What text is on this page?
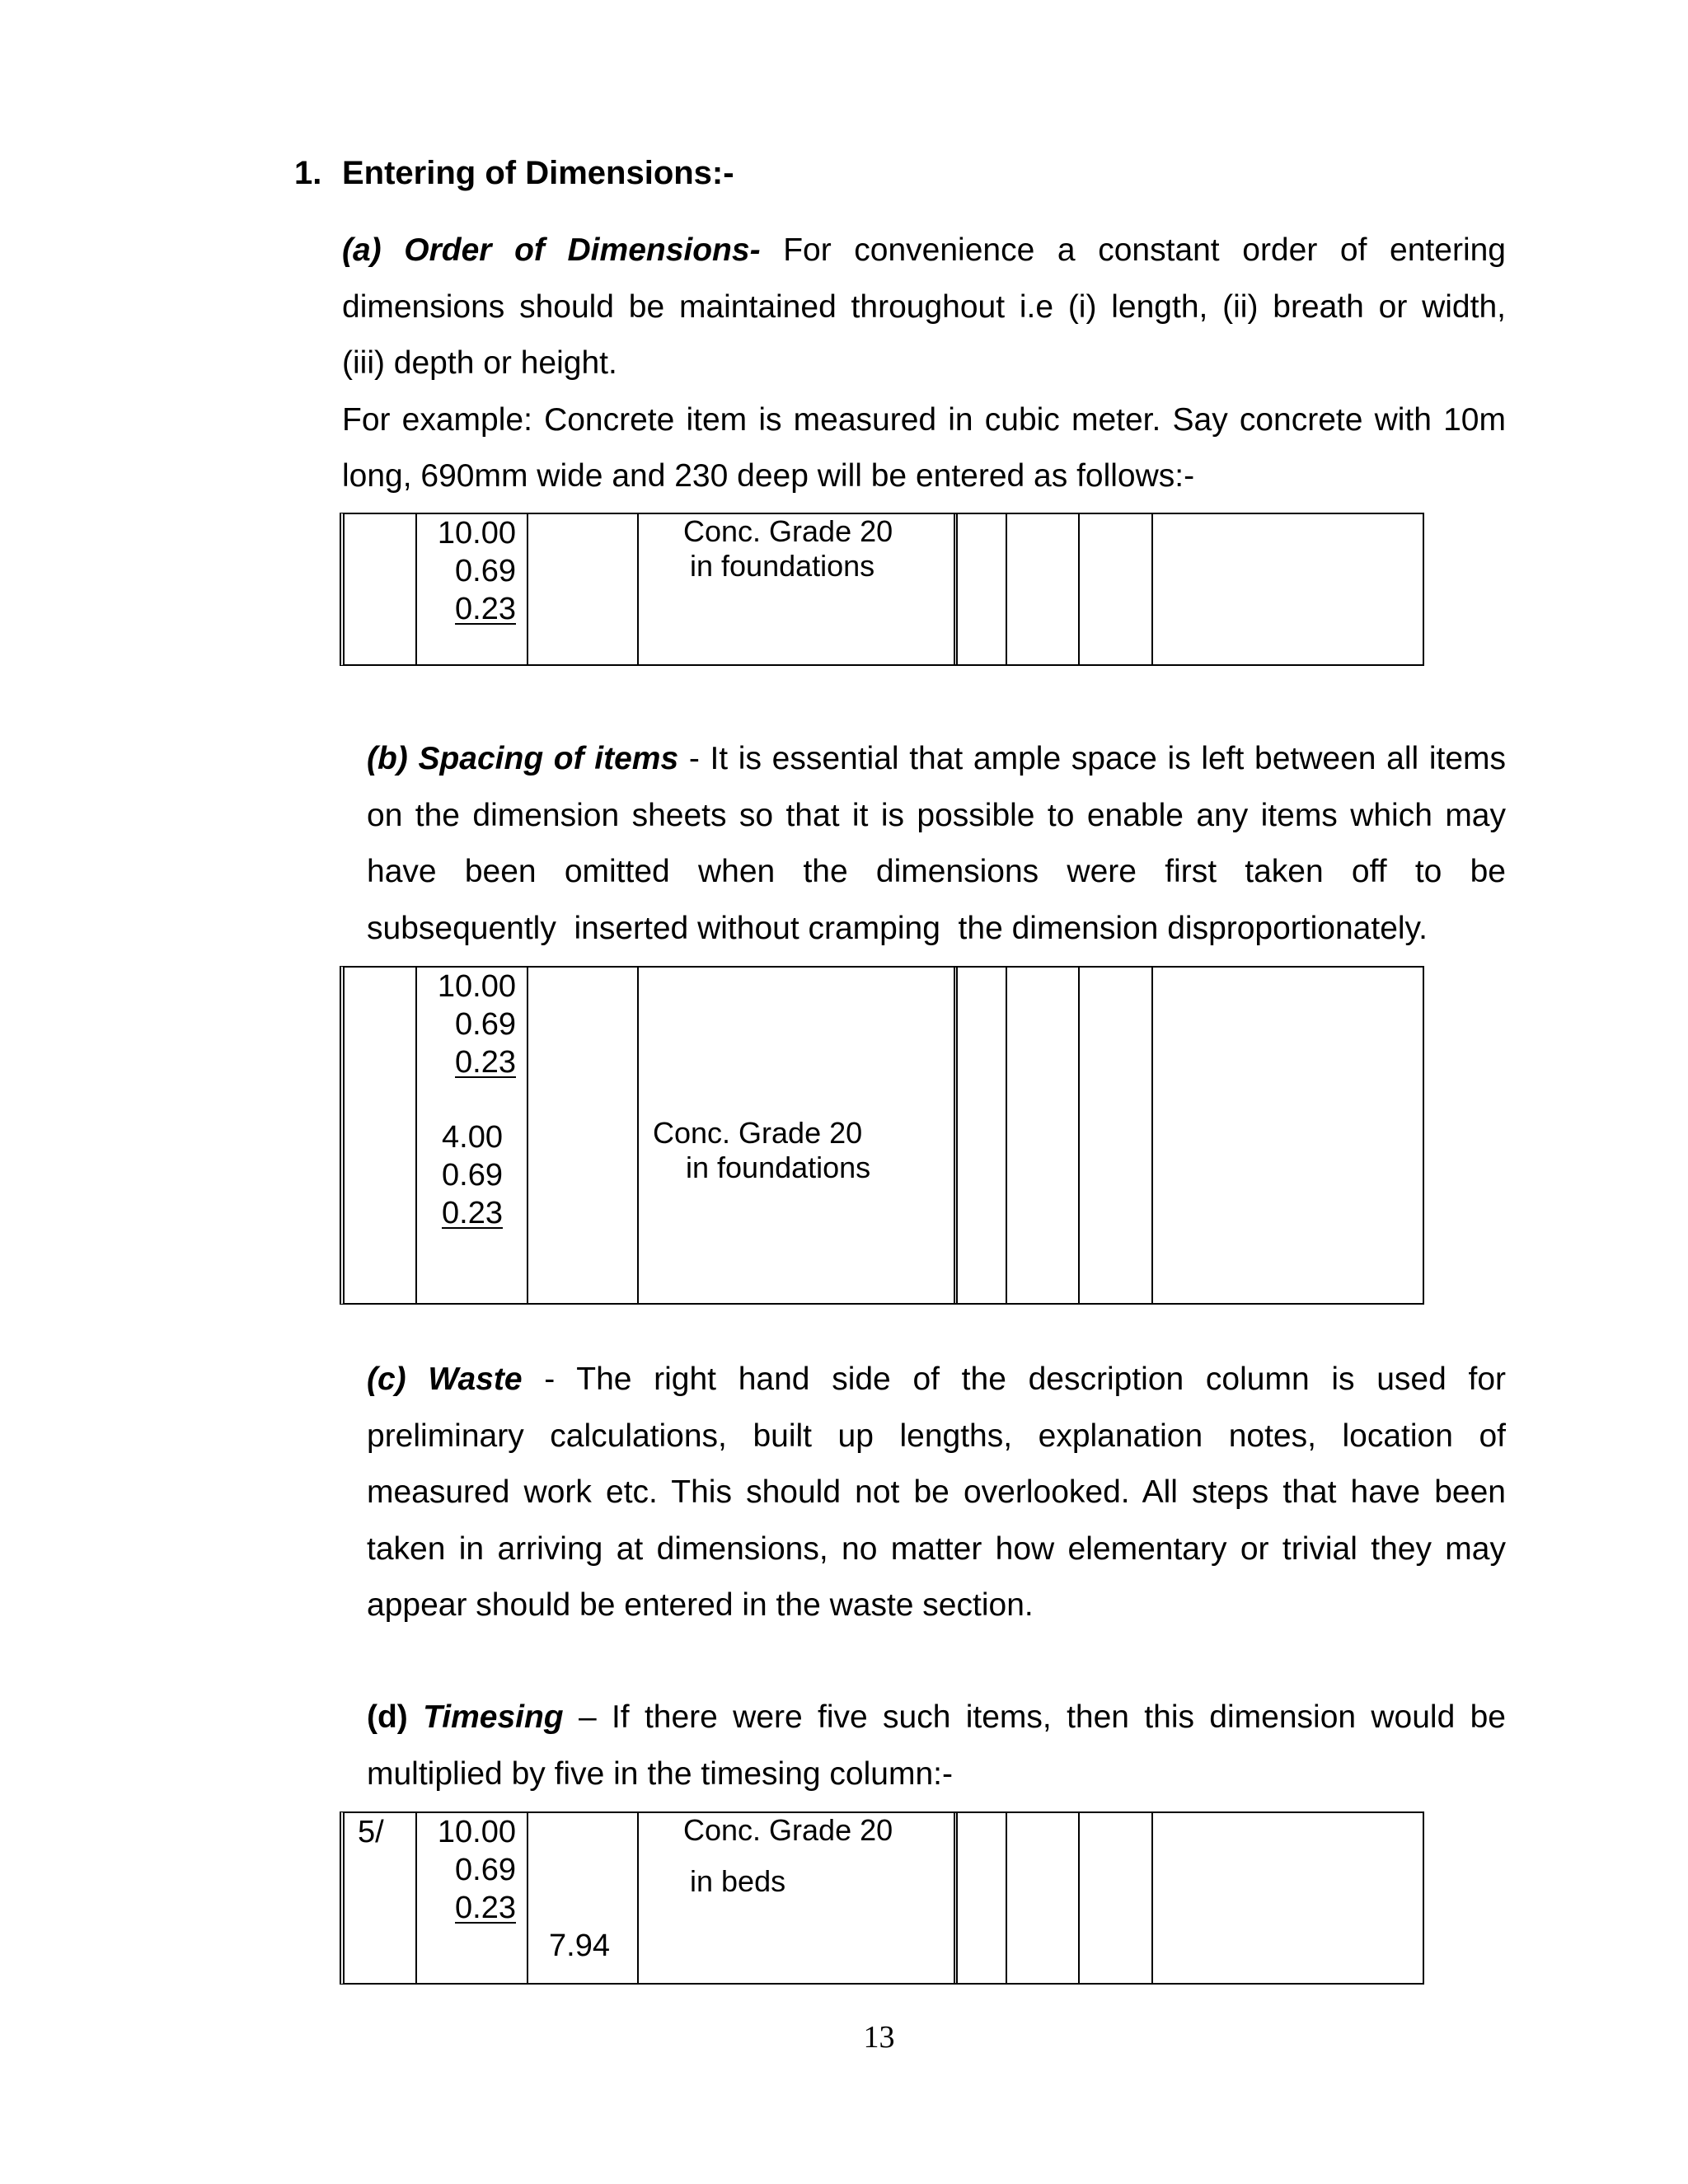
1. Entering of Dimensions:-
(a) Order of Dimensions- For convenience a constant order of entering
dimensions should be maintained throughout i.e (i) length, (ii) breath or width,
(iii) depth or height.
For example: Concrete item is measured in cubic meter. Say concrete with 10m
long, 690mm wide and 230 deep will be entered as follows:-
10.00
0.69
0.23
Conc. Grade 20
in foundations
(b) Spacing of items - It is essential that ample space is left between all items
on the dimension sheets so that it is possible to enable any items which may
have been omitted when the dimensions were first taken off to be
subsequently  inserted without cramping  the dimension disproportionately.
10.00
0.69
0.23
4.00
0.69
0.23
Conc. Grade 20
in foundations
(c) Waste - The right hand side of the description column is used for
preliminary calculations, built up lengths, explanation notes, location of
measured work etc. This should not be overlooked. All steps that have been
taken in arriving at dimensions, no matter how elementary or trivial they may
appear should be entered in the waste section.
(d) Timesing – If there were five such items, then this dimension would be
multiplied by five in the timesing column:-
5/ 10.00
0.69
0.23
7.94
Conc. Grade 20
in beds
13
